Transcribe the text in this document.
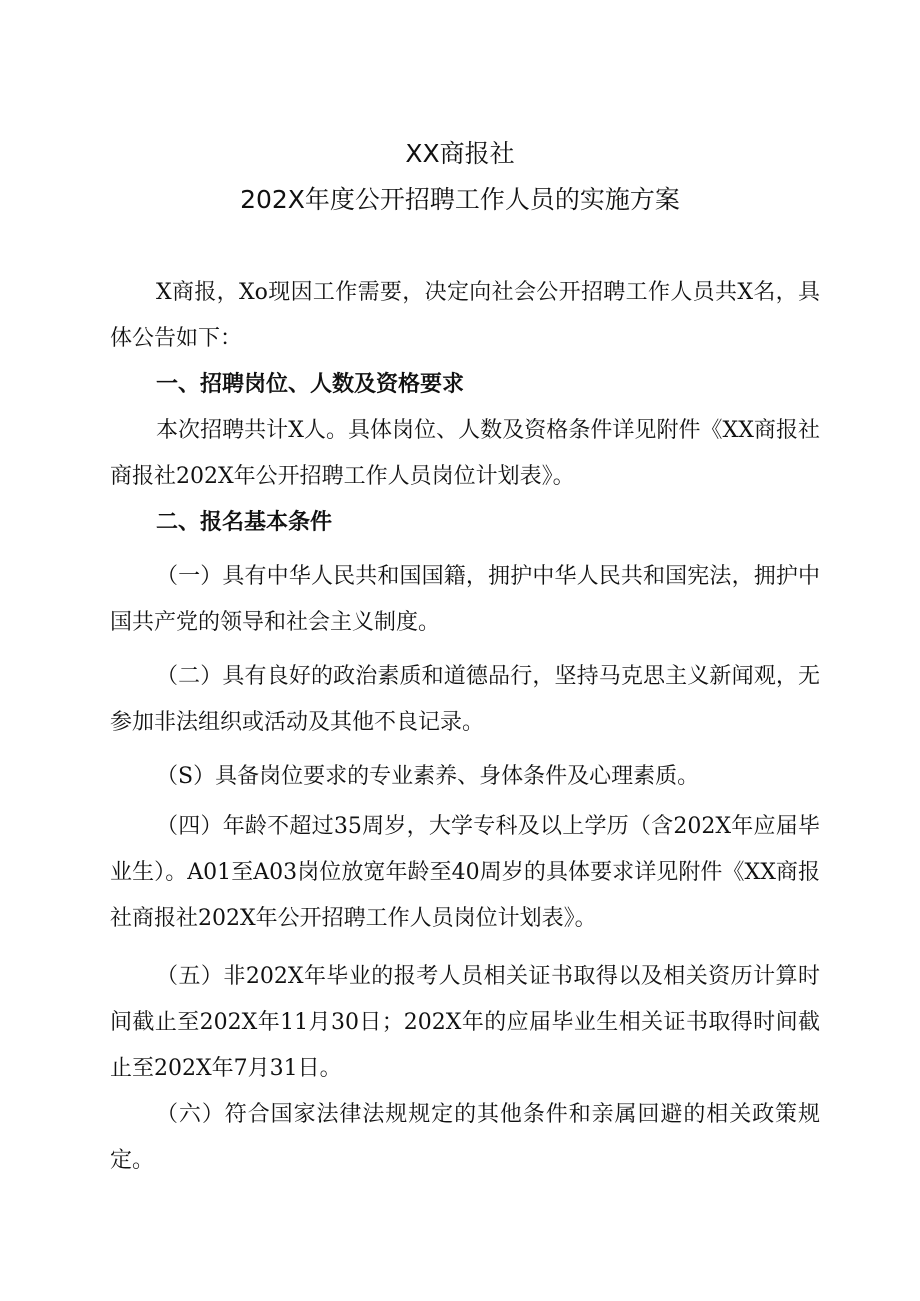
XX商报社
202X年度公开招聘工作人员的实施方案
X商报，Xo现因工作需要，决定向社会公开招聘工作人员共X名，具体公告如下：
一、招聘岗位、人数及资格要求
本次招聘共计X人。具体岗位、人数及资格条件详见附件《XX商报社商报社202X年公开招聘工作人员岗位计划表》。
二、报名基本条件
（一）具有中华人民共和国国籍，拥护中华人民共和国宪法，拥护中国共产党的领导和社会主义制度。
（二）具有良好的政治素质和道德品行，坚持马克思主义新闻观，无参加非法组织或活动及其他不良记录。
（S）具备岗位要求的专业素养、身体条件及心理素质。
（四）年龄不超过35周岁，大学专科及以上学历（含202X年应届毕业生）。A01至A03岗位放宽年龄至40周岁的具体要求详见附件《XX商报社商报社202X年公开招聘工作人员岗位计划表》。
（五）非202X年毕业的报考人员相关证书取得以及相关资历计算时间截止至202X年11月30日；202X年的应届毕业生相关证书取得时间截止至202X年7月31日。
（六）符合国家法律法规规定的其他条件和亲属回避的相关政策规定。
